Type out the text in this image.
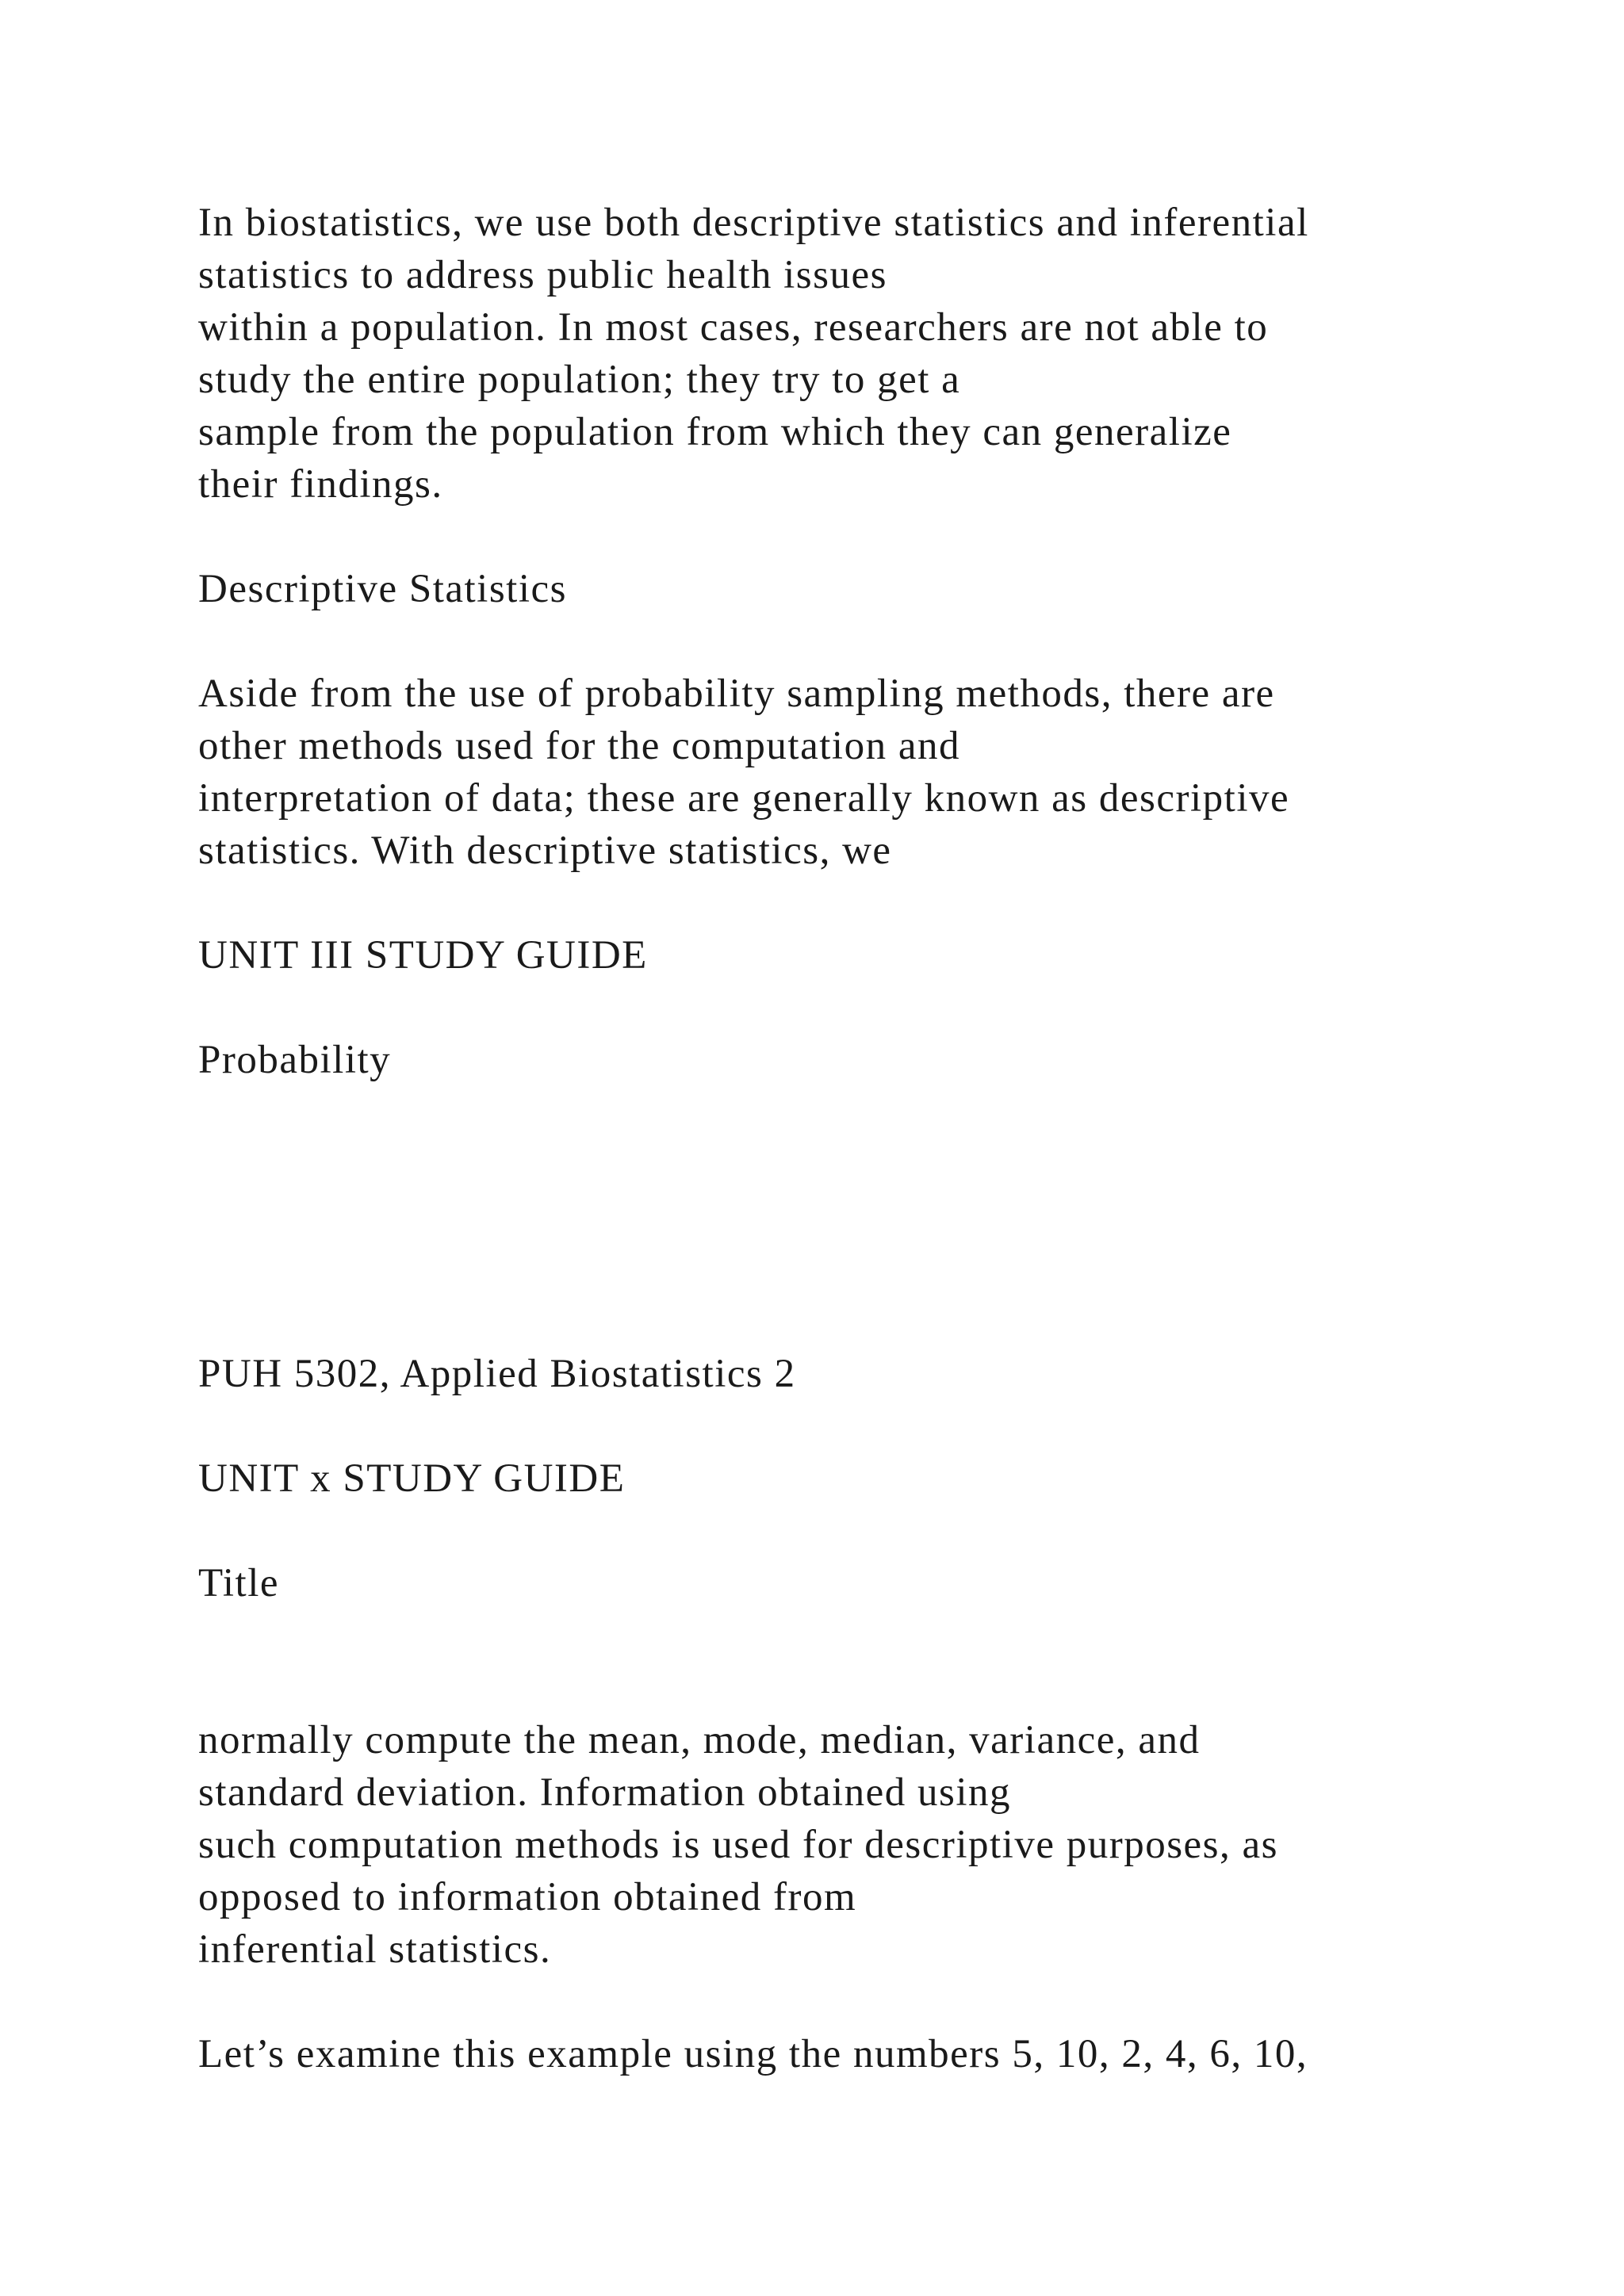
In biostatistics, we use both descriptive statistics and inferential

statistics to address public health issues

within a population. In most cases, researchers are not able to

study the entire population; they try to get a

sample from the population from which they can generalize

their findings.

Descriptive Statistics

Aside from the use of probability sampling methods, there are

other methods used for the computation and

interpretation of data; these are generally known as descriptive

statistics. With descriptive statistics, we

UNIT III STUDY GUIDE

Probability

PUH 5302, Applied Biostatistics 2

UNIT x STUDY GUIDE

Title

normally compute the mean, mode, median, variance, and

standard deviation. Information obtained using

such computation methods is used for descriptive purposes, as

opposed to information obtained from

inferential statistics.

Let’s examine this example using the numbers 5, 10, 2, 4, 6, 10,
